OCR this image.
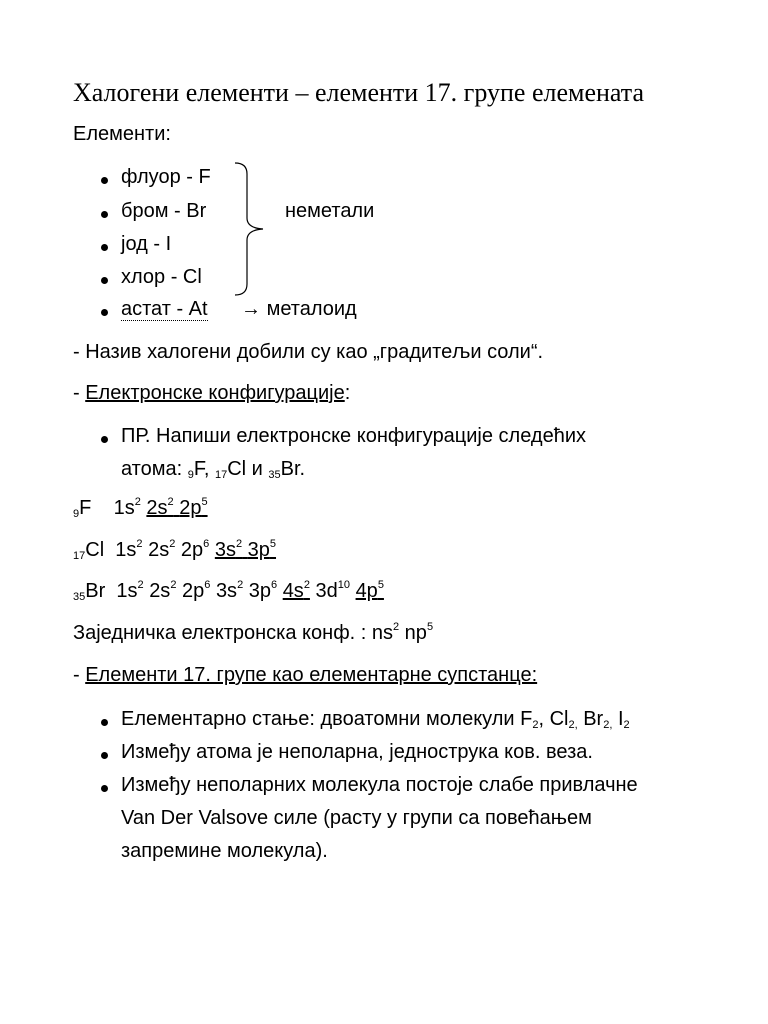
Халогени елементи – елементи 17. групе елемената
Елементи:
флуор - F
бром - Br
јод - I
хлор - Cl
астат - At
неметали
→ металоид
- Назив халогени добили су као „градитељи соли“.
- Електронске конфигурације:
ПР. Напиши електронске конфигурације следећих
атома: $_9$F, $_{17}$Cl и $_{35}$Br.
$_9$F $1s^2$ $2s^2$ $2p^5$
$_{17}$Cl $1s^2$ $2s^2$ $2p^6$ $3s^2$ $3p^5$
$_{35}$Br $1s^2$ $2s^2$ $2p^6$ $3s^2$ $3p^6$ $4s^2$ $3d^{10}$ $4p^5$
Заједничка електронска конф. : $ns^2$ $np^5$
- Елементи 17. групе као елементарне супстанце:
Елементарно стање: двоатомни молекули $F_2$, $Cl_{2,}$ $Br_{2,}$ $I_2$
Између атома је неполарна, једнострука ков. веза.
Између неполарних молекула постоје слабе привлачне
Van Der Valsove силе (расту у групи са повећањем
запремине молекула).
